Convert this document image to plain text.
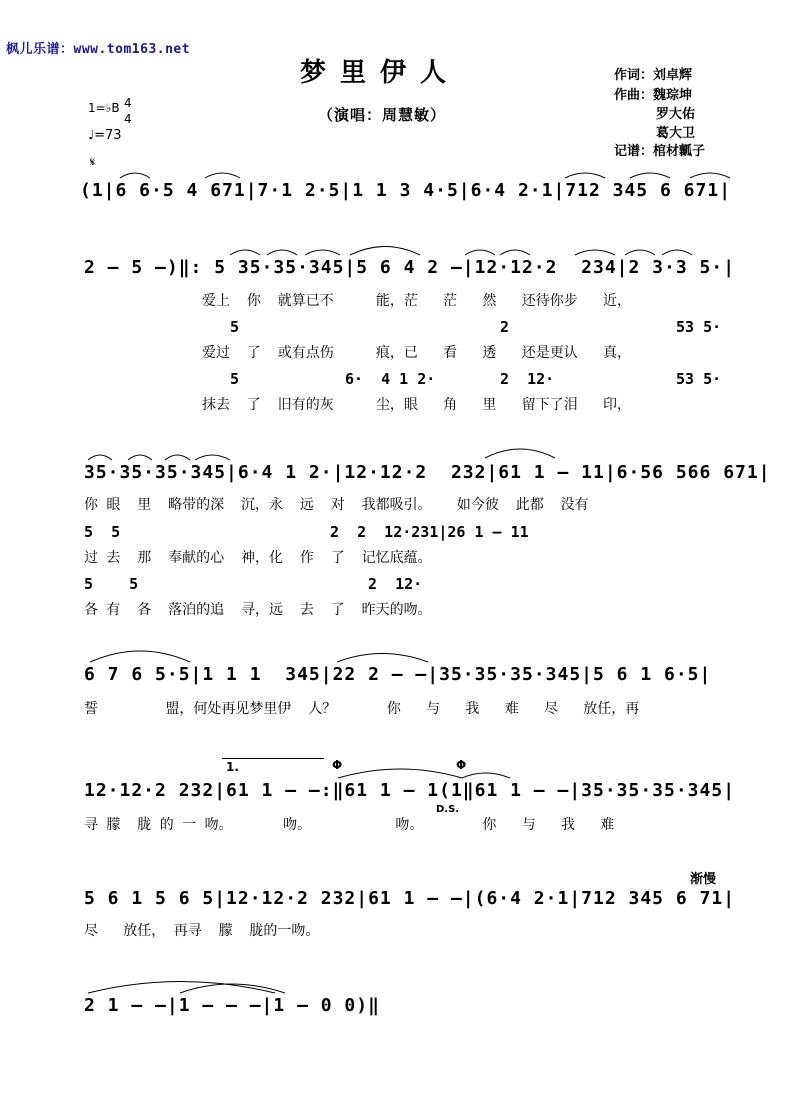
枫儿乐谱：www.tom163.net
梦里伊人
（演唱：周慧敏）
作词：刘卓辉
作曲：魏琮坤
罗大佑
葛大卫
记谱：棺材瓤子
1=♭B 4
4
♩=73
𝄋
(1|6 6·5 4 671|7·1 2·5|1 1 3 4·5|6·4 2·1|712 345 6 671|
2 – 5 –)‖: 5 35·35·345|5 6 4 2 –|12·12·2  234|2 3·3 5·|
爱上  你  就算已不     能，茫   茫   然   还待你步   近，
5	2	53 5·
爱过  了  或有点伤     痕，已   看   透   还是更认   真，
5	6·  4 1 2·	2  12·	53 5·
抹去  了  旧有的灰     尘，眼   角   里   留下了泪   印，
35·35·35·345|6·4 1 2·|12·12·2  232|61 1 – 11|6·56 566 671|
你 眼  里  略带的深  沉，永  远  对  我都吸引。   如今彼  此都  没有
5  5	2  2  12·231|26 1 – 11
过 去  那  奉献的心  神，化  作  了  记忆底蕴。
5    5	2  12·
各 有  各  落泊的追  寻，远  去  了  昨天的吻。
6 7 6 5·5|1 1 1  345|22 2 – –|35·35·35·345|5 6 1 6·5|
誓        盟，何处再见梦里伊  人？      你   与   我   难   尽   放任，再
1.	Φ	Φ
12·12·2 232|61 1 – –:‖61 1 – 1(1‖61 1 – –|35·35·35·345|
D.S.
寻 朦  胧 的 一 吻。      吻。          吻。       你   与   我   难
渐慢
5 6 1 5 6 5|12·12·2 232|61 1 – –|(6·4 2·1|712 345 6 71|
尽   放任， 再寻  朦  胧的一吻。
2 1 – –|1 – – –|1 – 0 0)‖
